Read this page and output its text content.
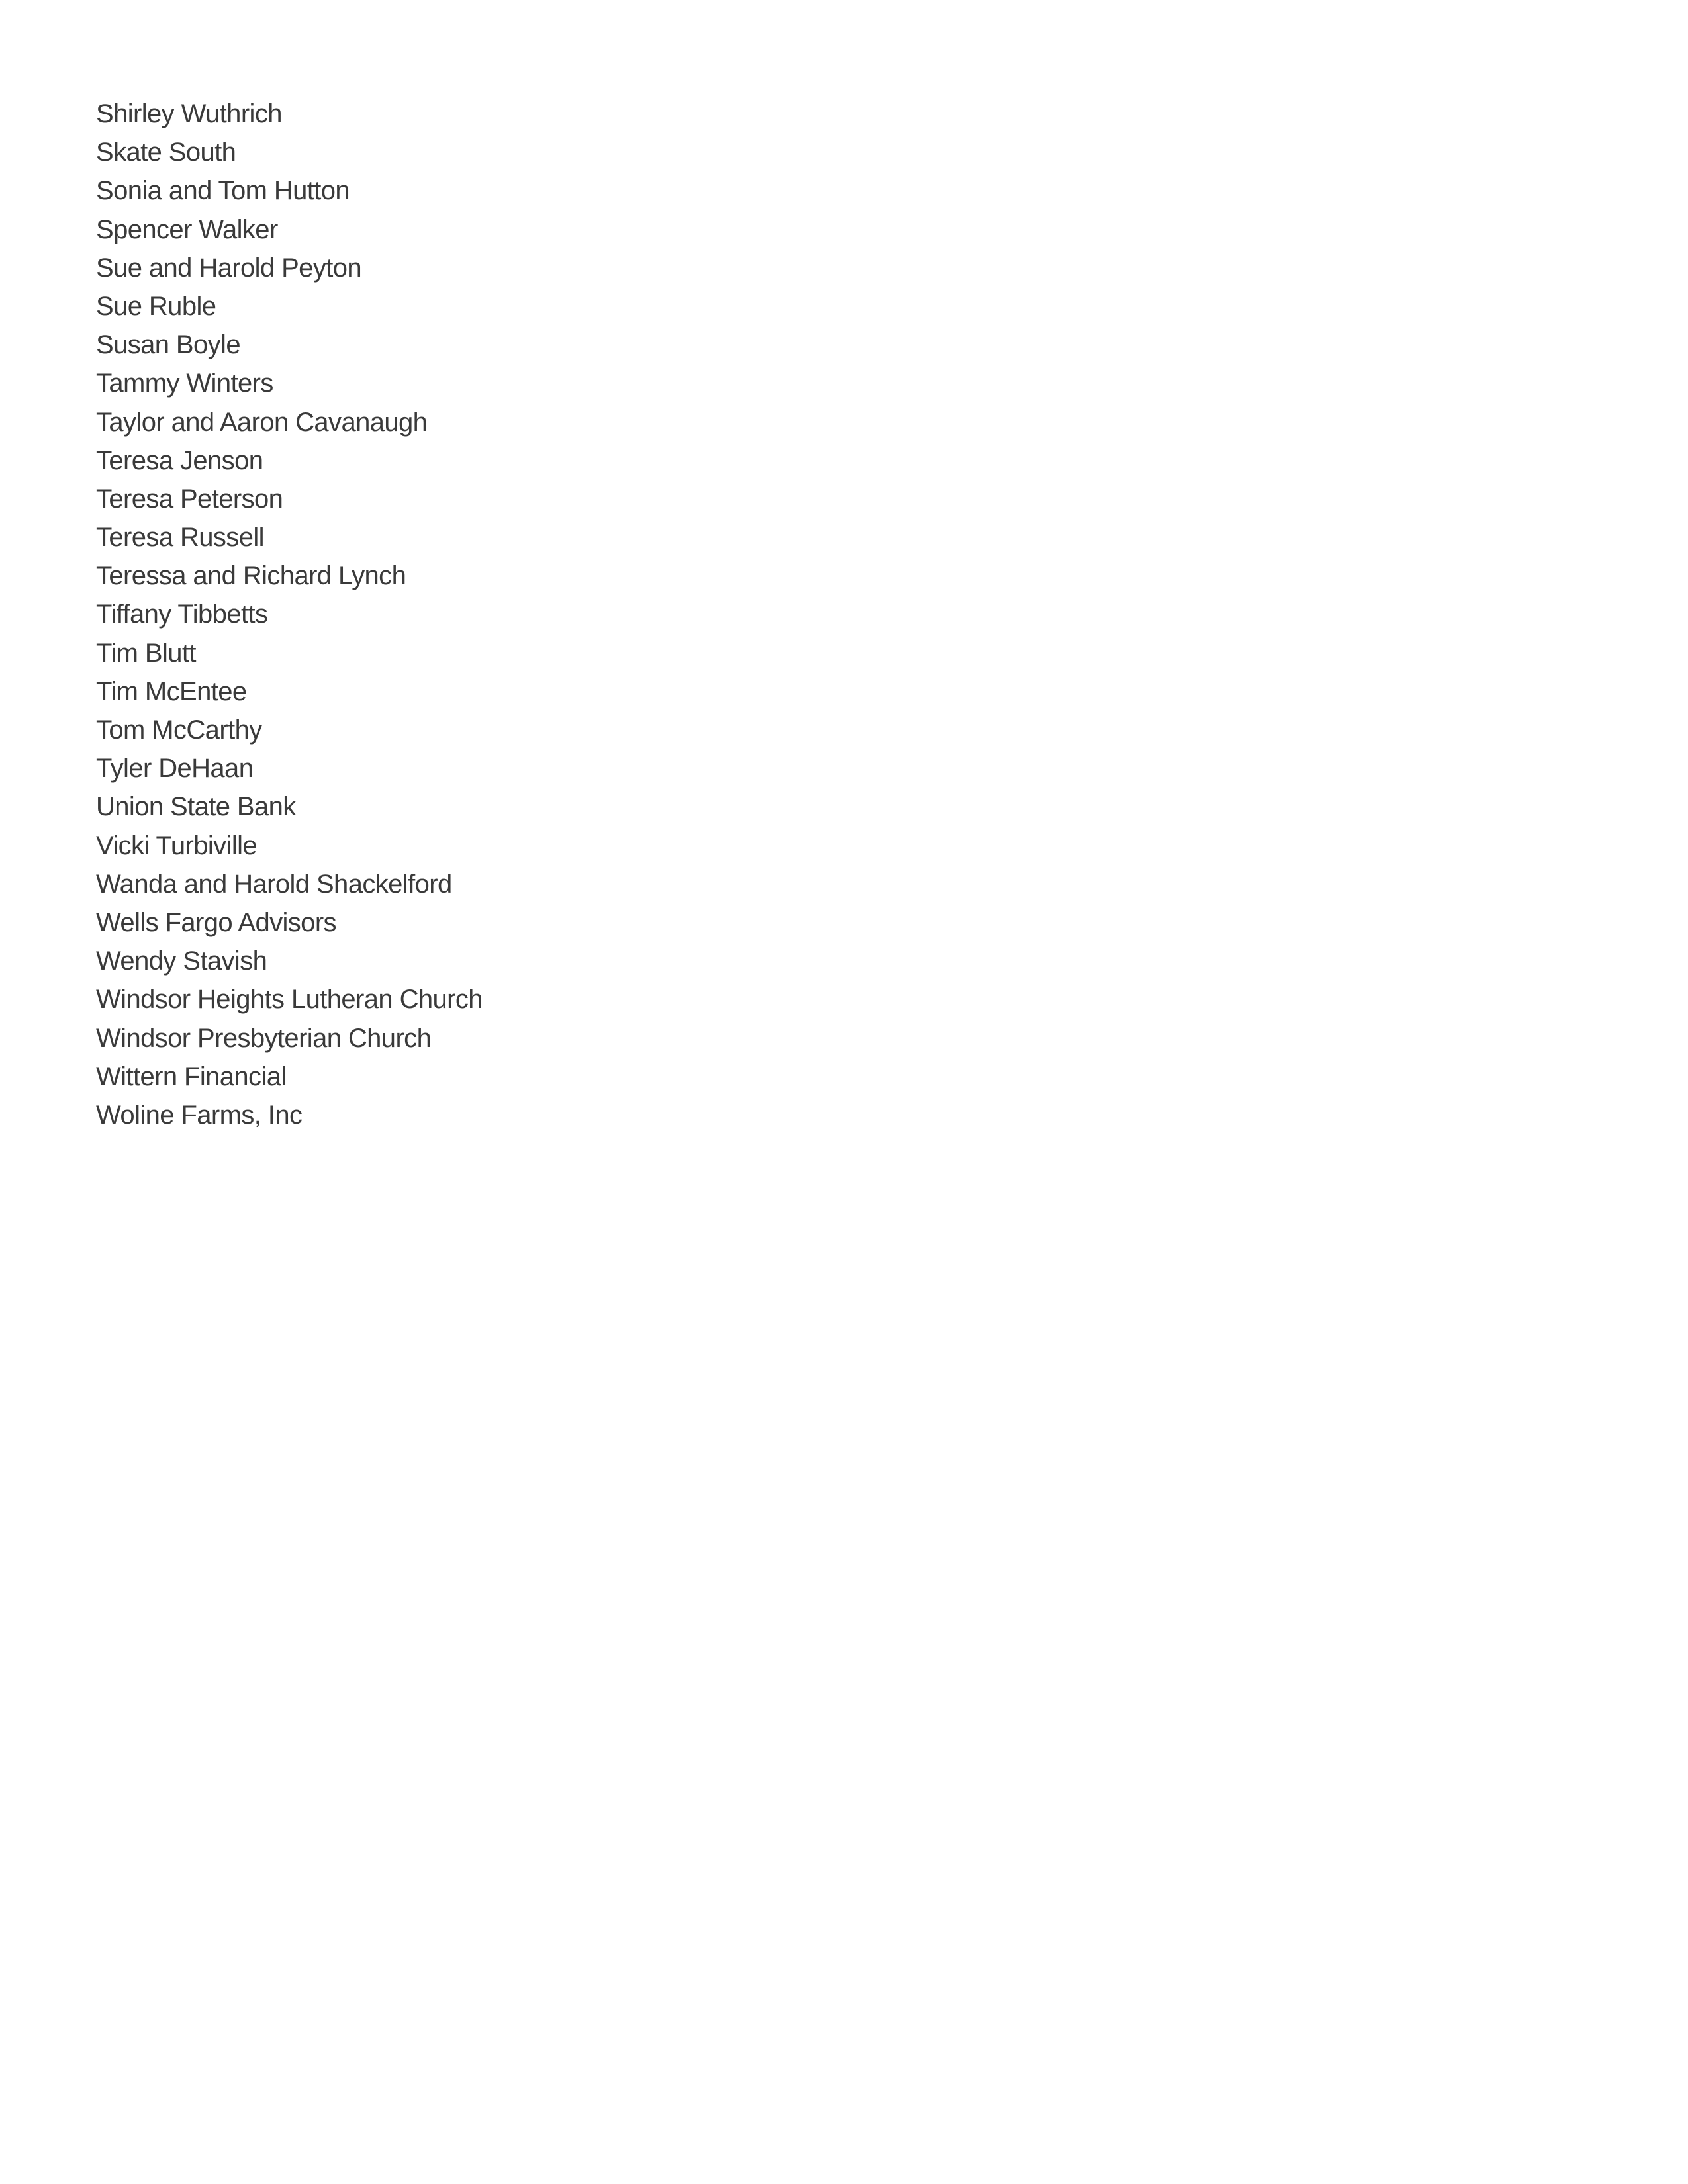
Shirley Wuthrich
Skate South
Sonia and Tom Hutton
Spencer Walker
Sue and Harold Peyton
Sue Ruble
Susan Boyle
Tammy Winters
Taylor and Aaron Cavanaugh
Teresa Jenson
Teresa Peterson
Teresa Russell
Teressa and Richard Lynch
Tiffany Tibbetts
Tim Blutt
Tim McEntee
Tom McCarthy
Tyler DeHaan
Union State Bank
Vicki Turbiville
Wanda and Harold Shackelford
Wells Fargo Advisors
Wendy Stavish
Windsor Heights Lutheran Church
Windsor Presbyterian Church
Wittern Financial
Woline Farms, Inc
